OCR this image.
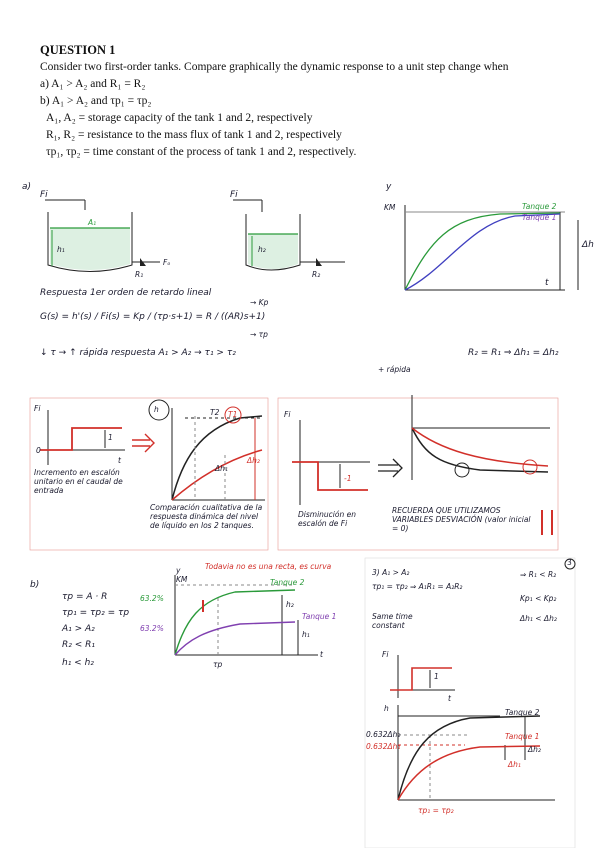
QUESTION 1
Consider two first-order tanks. Compare graphically the dynamic response to a unit step change when
a) A₁ > A₂ and R₁ = R₂
b) A₁ > A₂ and τp₁ = τp₂
A₁, A₂ = storage capacity of the tank 1 and 2, respectively
R₁, R₂ = resistance to the mass flux of tank 1 and 2, respectively
τp₁, τp₂ = time constant of the process of tank 1 and 2, respectively.
a)
Fi	Fi
A₁
h₁	h₂
R₁	R₂
Fₒ
y
KM
t
Tanque 2
Tanque 1
Δh
Respuesta 1er orden de retardo lineal
G(s) = h'(s) / Fi(s) = Kp / (τp·s+1) = R / ((AR)s+1)
→ Kp
→ τp
↓ τ → ↑ rápida respuesta A₁ > A₂ → τ₁ > τ₂
+ rápida
R₂ = R₁ ⇒ Δh₁ = Δh₂
Fi
0
1
t
Incremento en escalón unitario en el caudal de entrada
h	T2 T1
Δh₁
Δh₂
Comparación cualitativa de la respuesta dinámica del nivel de líquido en los 2 tanques.
Fi
-1
Disminución en escalón de Fi
RECUERDA QUE UTILIZAMOS VARIABLES DESVIACIÓN (valor inicial = 0)
b)
Todavia no es una recta, es curva
τp = A · R
τp₁ = τp₂ = τp
A₁ > A₂
R₂ < R₁
h₁ < h₂
y
KM
63.2%
63.2%
Tanque 2
Tanque 1
h₂
h₁
t
τp
3
3) A₁ > A₂
τp₁ = τp₂ ⇒ A₁R₁ = A₂R₂
⇒ R₁ < R₂
Kp₁ < Kp₂
Δh₁ < Δh₂
Same time constant
Fi
1
t
h	Tanque 2
Tanque 1
0.632Δh₂
0.632Δh₁	Δh₂
Δh₁
τp₁ = τp₂
